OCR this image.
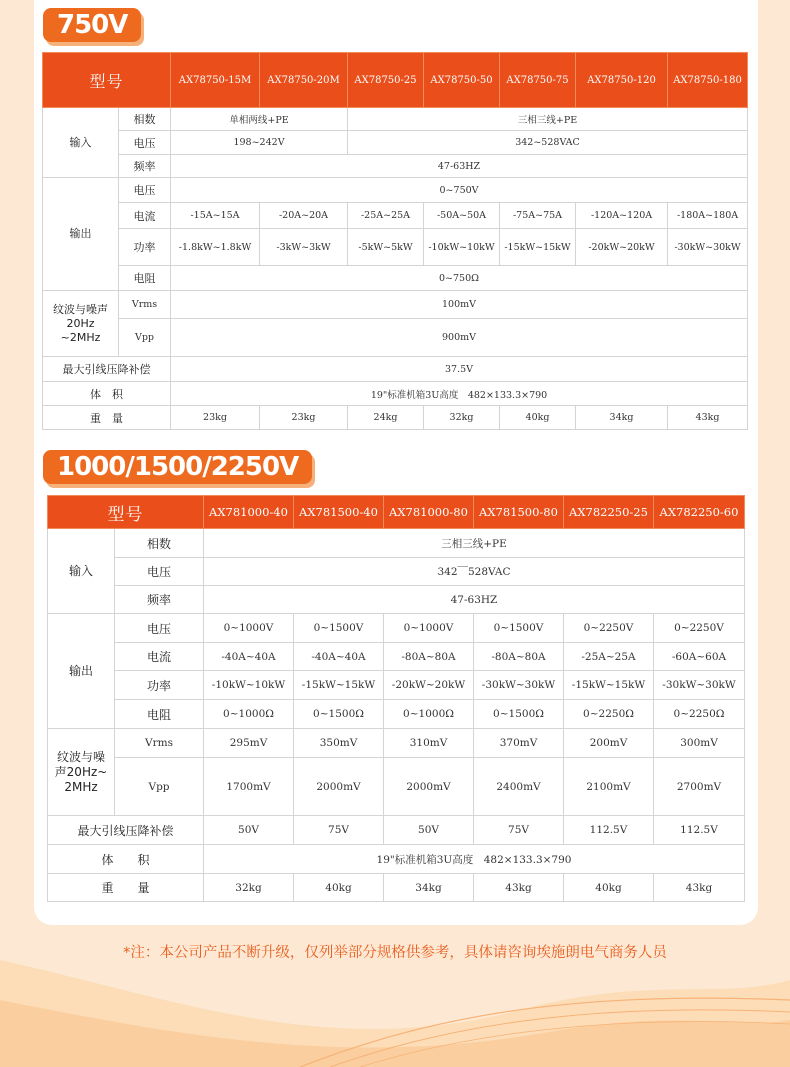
750V
型号		AX78750-15M	AX78750-20M	AX78750-25	AX78750-50	AX78750-75	AX78750-120	AX78750-180
输入	相数	单相两线+PE		三相三线+PE				
	电压	198~242V		342~528VAC				
	频率	47-63HZ						
输出	电压	0~750V						
	电流	-15A~15A	-20A~20A	-25A~25A	-50A~50A	-75A~75A	-120A~120A	-180A~180A
	功率	-1.8kW~1.8kW	-3kW~3kW	-5kW~5kW	-10kW~10kW	-15kW~15kW	-20kW~20kW	-30kW~30kW
	电阻	0~750Ω						
纹波与噪声
20Hz
~2MHz	Vrms	100mV						
	Vpp	900mV						
最大引线压降补偿		37.5V						
体　积		19"标准机箱3U高度　482×133.3×790						
重　量		23kg	23kg	24kg	32kg	40kg	34kg	43kg
1000/1500/2250V
型号		AX781000-40	AX781500-40	AX781000-80	AX781500-80	AX782250-25	AX782250-60
输入	相数	三相三线+PE					
	电压	342￣528VAC					
	频率	47-63HZ					
输出	电压	0~1000V	0~1500V	0~1000V	0~1500V	0~2250V	0~2250V
	电流	-40A~40A	-40A~40A	-80A~80A	-80A~80A	-25A~25A	-60A~60A
	功率	-10kW~10kW	-15kW~15kW	-20kW~20kW	-30kW~30kW	-15kW~15kW	-30kW~30kW
	电阻	0~1000Ω	0~1500Ω	0~1000Ω	0~1500Ω	0~2250Ω	0~2250Ω
纹波与噪
声20Hz~
2MHz	Vrms	295mV	350mV	310mV	370mV	200mV	300mV
	Vpp	1700mV	2000mV	2000mV	2400mV	2100mV	2700mV
最大引线压降补偿		50V	75V	50V	75V	112.5V	112.5V
体　　积		19"标准机箱3U高度　482×133.3×790					
重　　量		32kg	40kg	34kg	43kg	40kg	43kg
*注：本公司产品不断升级，仅列举部分规格供参考，具体请咨询埃施朗电气商务人员
